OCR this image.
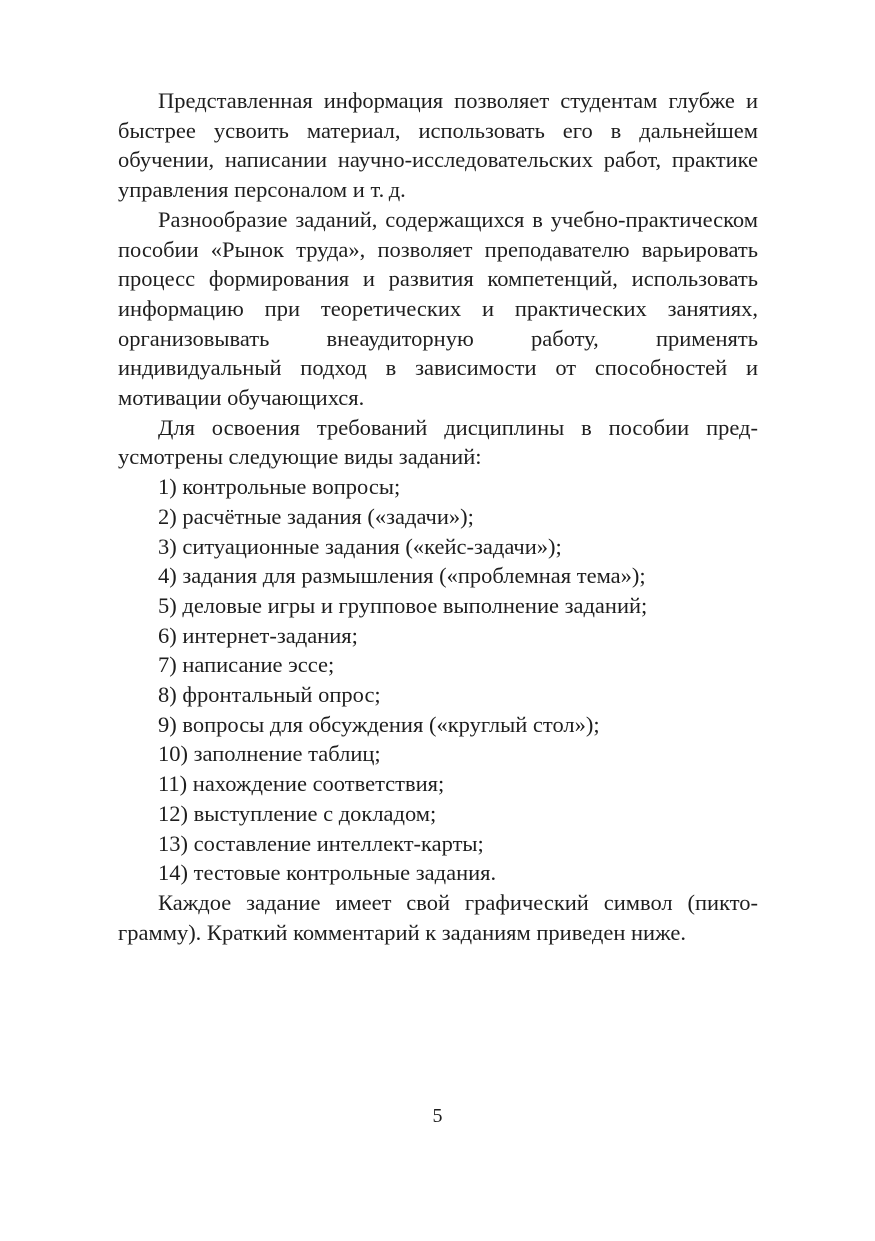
Представленная информация позволяет студентам глубже и быстрее усвоить материал, использовать его в дальнейшем обучении, написании научно-исследовательских работ, практике управления персоналом и т. д.

Разнообразие заданий, содержащихся в учебно-практическом пособии «Рынок труда», позволяет преподавателю варьировать процесс формирования и развития компетенций, использовать информацию при теоретических и практических занятиях, организовывать внеаудиторную работу, применять индивидуальный подход в зависимости от способностей и мотивации обучающихся.

Для освоения требований дисциплины в пособии предусмотрены следующие виды заданий:

1) контрольные вопросы;
2) расчётные задания («задачи»);
3) ситуационные задания («кейс-задачи»);
4) задания для размышления («проблемная тема»);
5) деловые игры и групповое выполнение заданий;
6) интернет-задания;
7) написание эссе;
8) фронтальный опрос;
9) вопросы для обсуждения («круглый стол»);
10) заполнение таблиц;
11) нахождение соответствия;
12) выступление с докладом;
13) составление интеллект-карты;
14) тестовые контрольные задания.

Каждое задание имеет свой графический символ (пиктограмму). Краткий комментарий к заданиям приведен ниже.

5
